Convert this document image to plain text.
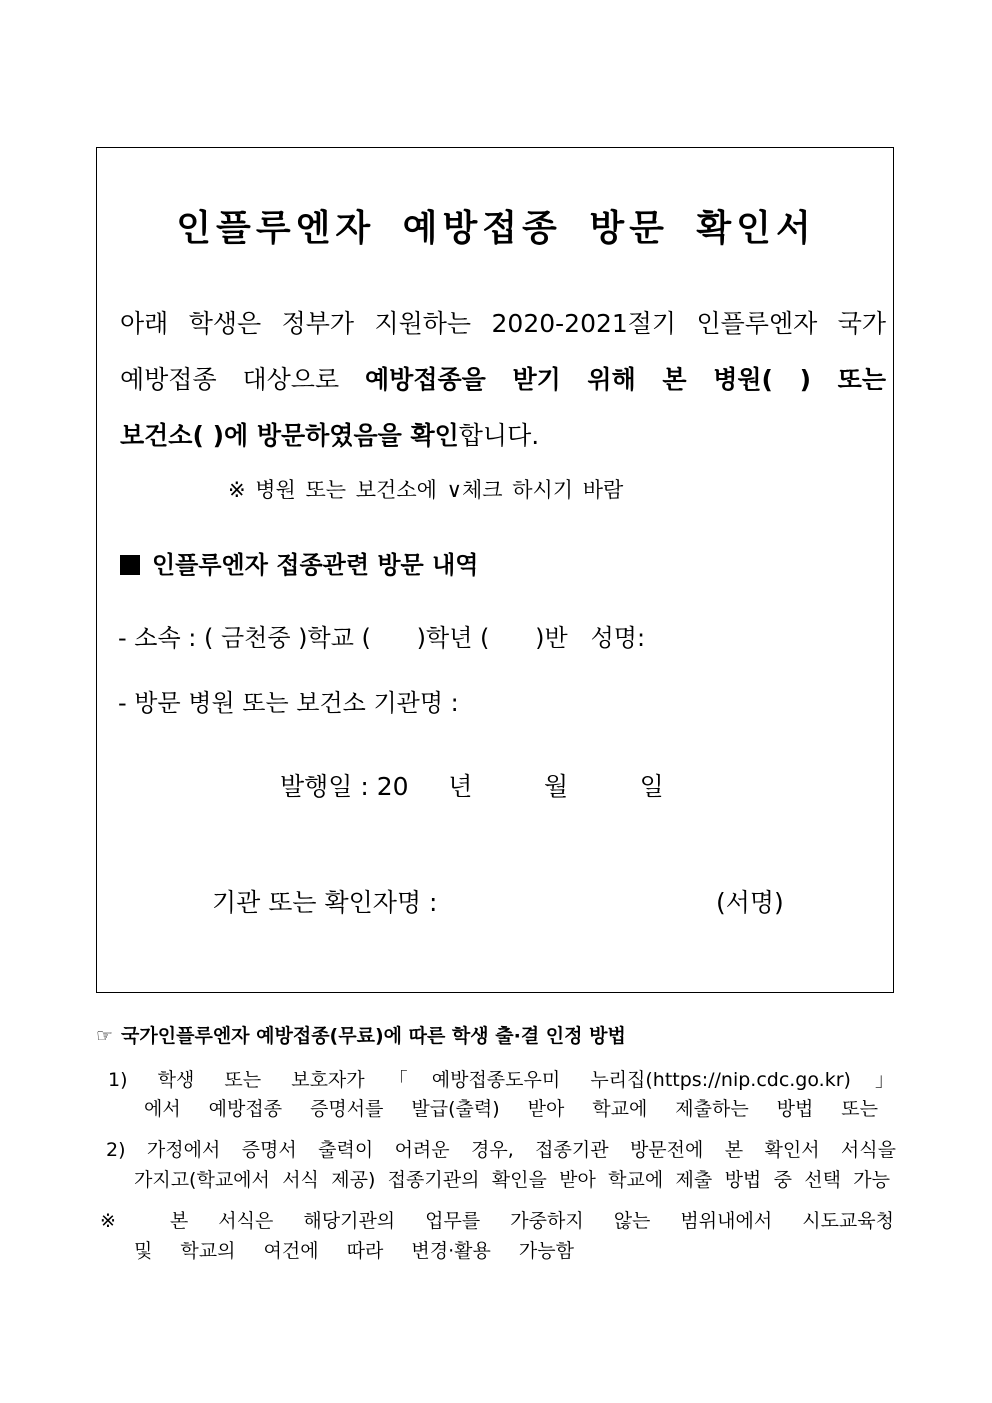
인플루엔자 예방접종 방문 확인서
아래 학생은 정부가 지원하는 2020-2021절기 인플루엔자 국가
예방접종 대상으로 예방접종을 받기 위해 본 병원( ) 또는
보건소( )에 방문하였음을 확인합니다.
※ 병원 또는 보건소에 ∨체크 하시기 바람
인플루엔자 접종관련 방문 내역
- 소속 : ( 금천중 )학교 (      )학년 (      )반   성명:
- 방문 병원 또는 보건소 기관명 :
발행일 : 20     년         월         일
기관 또는 확인자명 :	(서명)
☞ 국가인플루엔자 예방접종(무료)에 따른 학생 출·결 인정 방법
1) 학생 또는 보호자가「예방접종도우미 누리집(https://nip.cdc.go.kr)」
에서 예방접종 증명서를 발급(출력) 받아 학교에 제출하는 방법 또는
2) 가정에서 증명서 출력이 어려운 경우, 접종기관 방문전에 본 확인서 서식을
가지고(학교에서 서식 제공) 접종기관의 확인을 받아 학교에 제출 방법 중 선택 가능
※ 본 서식은 해당기관의 업무를 가중하지 않는 범위내에서 시도교육청
및 학교의 여건에 따라 변경·활용 가능함
